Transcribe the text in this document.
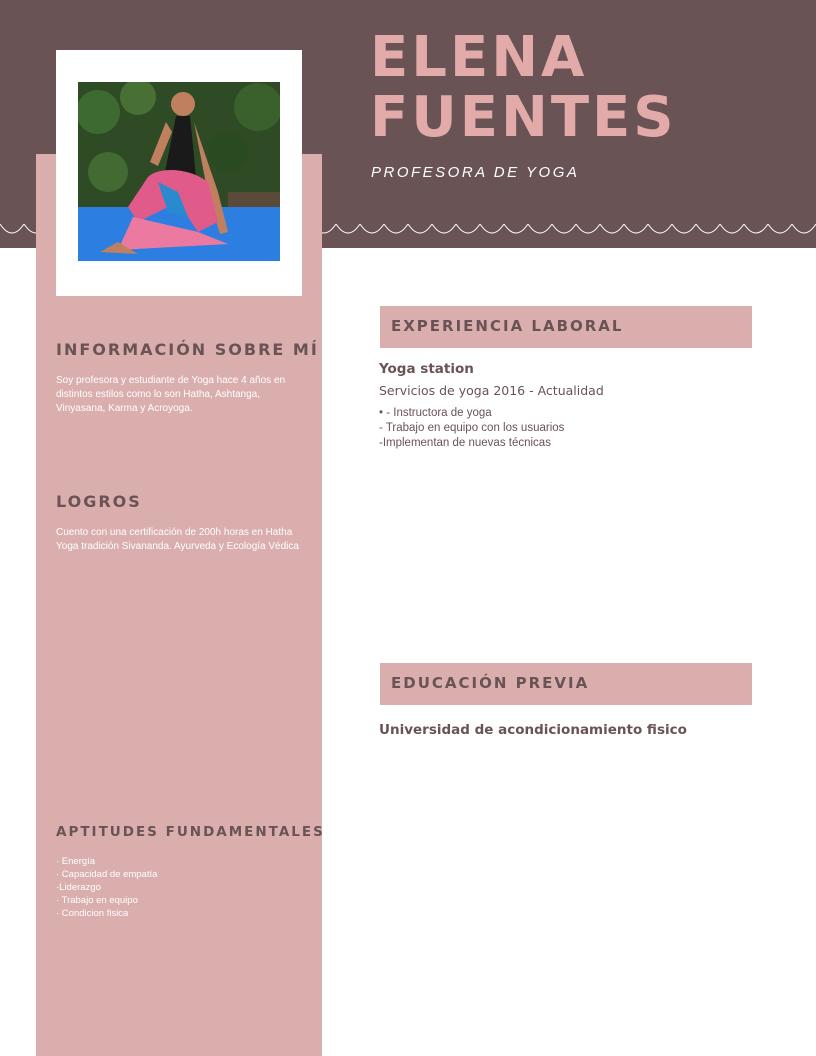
ELENA
FUENTES
PROFESORA DE YOGA
INFORMACIÓN SOBRE MÍ

Soy profesora y estudiante de Yoga hace 4 años en distintos estilos como lo son Hatha, Ashtanga, Vinyasana, Karma y Acroyoga.

LOGROS

Cuento con una certificación de 200h horas en Hatha Yoga tradición Sivananda. Ayurveda y Ecología Védica

APTITUDES FUNDAMENTALES
· Energía
· Capacidad de empatía
·Liderazgo
· Trabajo en equipo
· Condicion fisica
EXPERIENCIA LABORAL
Yoga station
Servicios de yoga 2016 - Actualidad
• - Instructora de yoga
- Trabajo en equipo con los usuarios
-Implementan de nuevas técnicas
EDUCACIÓN PREVIA
Universidad de acondicionamiento fisico
